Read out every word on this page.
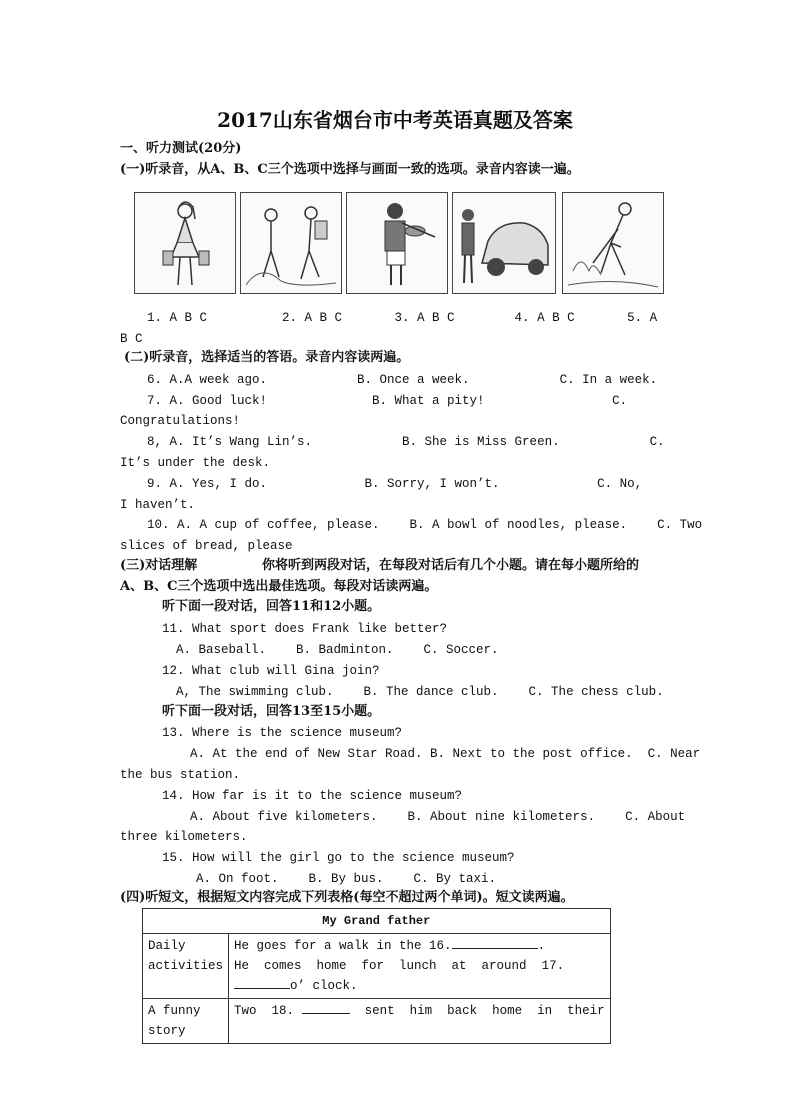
2017山东省烟台市中考英语真题及答案
一、听力测试(20分)
(一)听录音，从A、B、C三个选项中选择与画面一致的选项。录音内容读一遍。
1. A B C          2. A B C       3. A B C        4. A B C       5. A
B C
(二)听录音，选择适当的答语。录音内容读两遍。
6. A.A week ago.            B. Once a week.            C. In a week.
7. A. Good luck!              B. What a pity!                 C.
Congratulations!
8, A. It’s Wang Lin’s.            B. She is Miss Green.            C.
It’s under the desk.
9. A. Yes, I do.             B. Sorry, I won’t.             C. No,
I haven’t.
10. A. A cup of coffee, please.    B. A bowl of noodles, please.    C. Two
slices of bread, please
(三)对话理解	你将听到两段对话，在每段对话后有几个小题。请在每小题所给的
A、B、C三个选项中选出最佳选项。每段对话读两遍。
听下面一段对话，回答11和12小题。
11. What sport does Frank like better?
A. Baseball.    B. Badminton.    C. Soccer.
12. What club will Gina join?
A, The swimming club.    B. The dance club.    C. The chess club.
听下面一段对话，回答13至15小题。
13. Where is the science museum?
A. At the end of New Star Road. B. Next to the post office.  C. Near
the bus station.
14. How far is it to the science museum?
A. About five kilometers.    B. About nine kilometers.    C. About
three kilometers.
15. How will the girl go to the science museum?
A. On foot.    B. By bus.    C. By taxi.
(四)听短文，根据短文内容完成下列表格(每空不超过两个单词)。短文读两遍。
My Grand father	
Daily activities	He goes for a walk in the 16. .
He  comes  home  for  lunch  at  around  17.
o’ clock.

A funny story	Two  18. sent  him  back  home  in  their
